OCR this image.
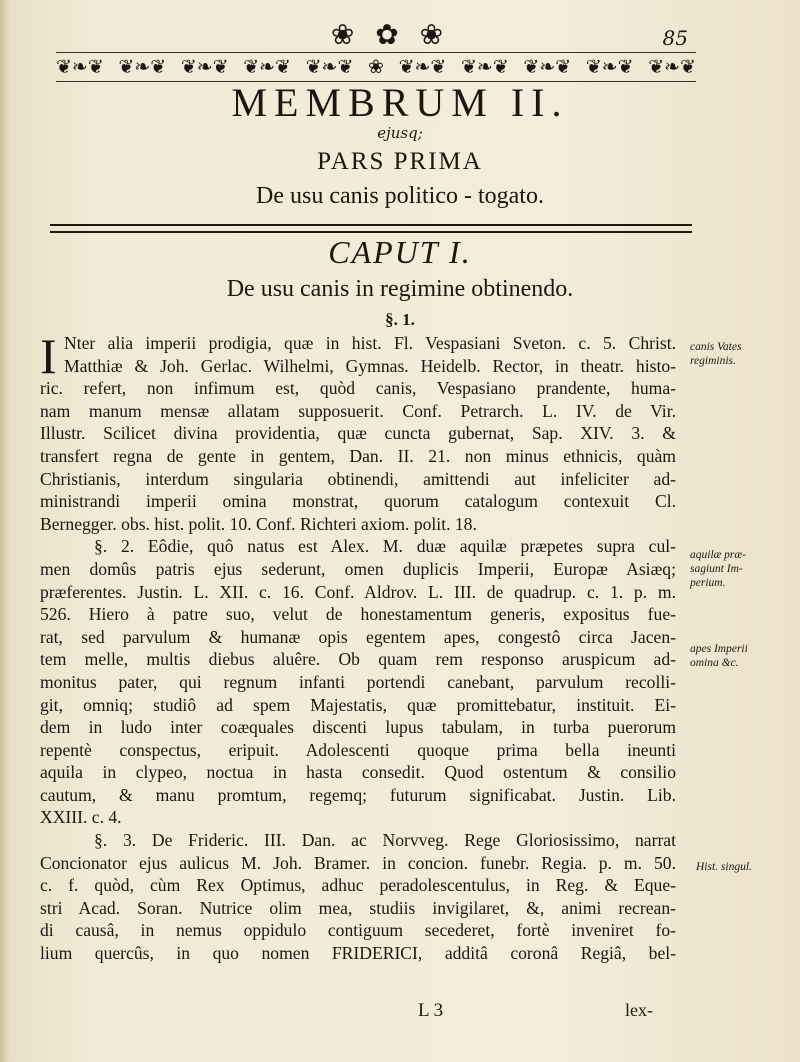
❀ ✿ ❀	85
❦❧❦ ❦❧❦ ❦❧❦ ❦❧❦ ❦❧❦ ❀ ❦❧❦ ❦❧❦ ❦❧❦ ❦❧❦ ❦❧❦
MEMBRUM II.
ejusq;
PARS PRIMA
De usu canis politico - togato.
CAPUT I.
De usu canis in regimine obtinendo.
§. 1.
I Nter alia imperii prodigia, quæ in hist. Fl. Vespasiani Sveton. c. 5. Christ.
Matthiæ & Joh. Gerlac. Wilhelmi, Gymnas. Heidelb. Rector, in theatr. histo-
ric. refert, non infimum est, quòd canis, Vespasiano prandente, huma-
nam manum mensæ allatam supposuerit. Conf. Petrarch. L. IV. de Vir.
Illustr. Scilicet divina providentia, quæ cuncta gubernat, Sap. XIV. 3. &
transfert regna de gente in gentem, Dan. II. 21. non minus ethnicis, quàm
Christianis, interdum singularia obtinendi, amittendi aut infeliciter ad-
ministrandi imperii omina monstrat, quorum catalogum contexuit Cl.
Bernegger. obs. hist. polit. 10. Conf. Richteri axiom. polit. 18.
§. 2. Eôdie, quô natus est Alex. M. duæ aquilæ præpetes supra cul-
men domûs patris ejus sederunt, omen duplicis Imperii, Europæ Asiæq;
præferentes. Justin. L. XII. c. 16. Conf. Aldrov. L. III. de quadrup. c. 1. p. m.
526. Hiero à patre suo, velut de honestamentum generis, expositus fue-
rat, sed parvulum & humanæ opis egentem apes, congestô circa Jacen-
tem melle, multis diebus aluêre. Ob quam rem responso aruspicum ad-
monitus pater, qui regnum infanti portendi canebant, parvulum recolli-
git, omniq; studiô ad spem Majestatis, quæ promittebatur, instituit. Ei-
dem in ludo inter coæquales discenti lupus tabulam, in turba puerorum
repentè conspectus, eripuit. Adolescenti quoque prima bella ineunti
aquila in clypeo, noctua in hasta consedit. Quod ostentum & consilio
cautum, & manu promtum, regemq; futurum significabat. Justin. Lib.
XXIII. c. 4.
§. 3. De Frideric. III. Dan. ac Norvveg. Rege Gloriosissimo, narrat
Concionator ejus aulicus M. Joh. Bramer. in concion. funebr. Regia. p. m. 50.
c. f. quòd, cùm Rex Optimus, adhuc peradolescentulus, in Reg. & Eque-
stri Acad. Soran. Nutrice olim mea, studiis invigilaret, &, animi recrean-
di causâ, in nemus oppidulo contiguum secederet, fortè inveniret fo-
lium quercûs, in quo nomen FRIDERICI, additâ coronâ Regiâ, bel-
canis Vates
regiminis.
aquilæ præ-
sagiunt Im-
perium.
apes Imperii
omina &c.
Hist. singul.
L 3	lex-
